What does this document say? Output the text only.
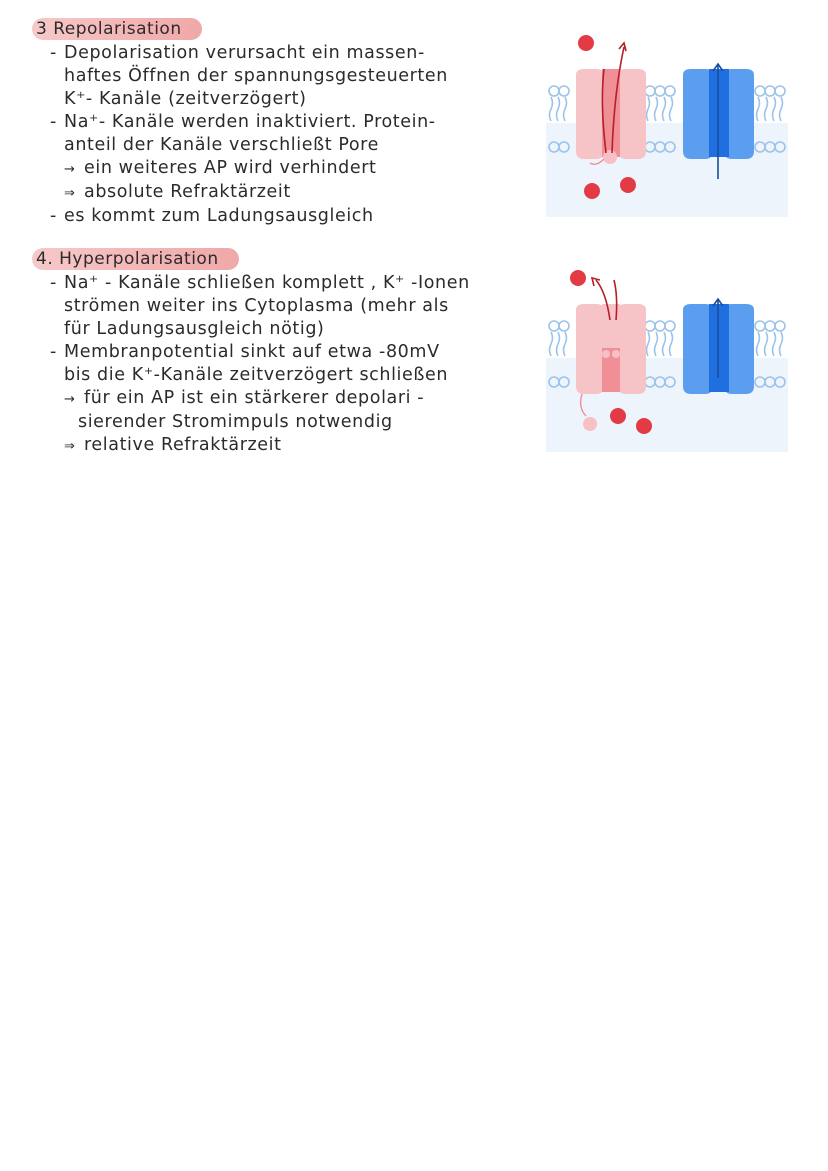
3 Repolarisation
- Depolarisation verursacht ein massen-
haftes Öffnen der spannungsgesteuerten
K⁺- Kanäle (zeitverzögert)
- Na⁺- Kanäle werden inaktiviert. Protein-
anteil der Kanäle verschließt Pore
→ ein weiteres AP wird verhindert
⇒ absolute Refraktärzeit
- es kommt zum Ladungsausgleich
4. Hyperpolarisation
- Na⁺ - Kanäle schließen komplett , K⁺ -Ionen
strömen weiter ins Cytoplasma (mehr als
für Ladungsausgleich nötig)
- Membranpotential sinkt auf etwa -80mV
bis die K⁺-Kanäle zeitverzögert schließen
→ für ein AP ist ein stärkerer depolari -
sierender Stromimpuls notwendig
⇒ relative Refraktärzeit
